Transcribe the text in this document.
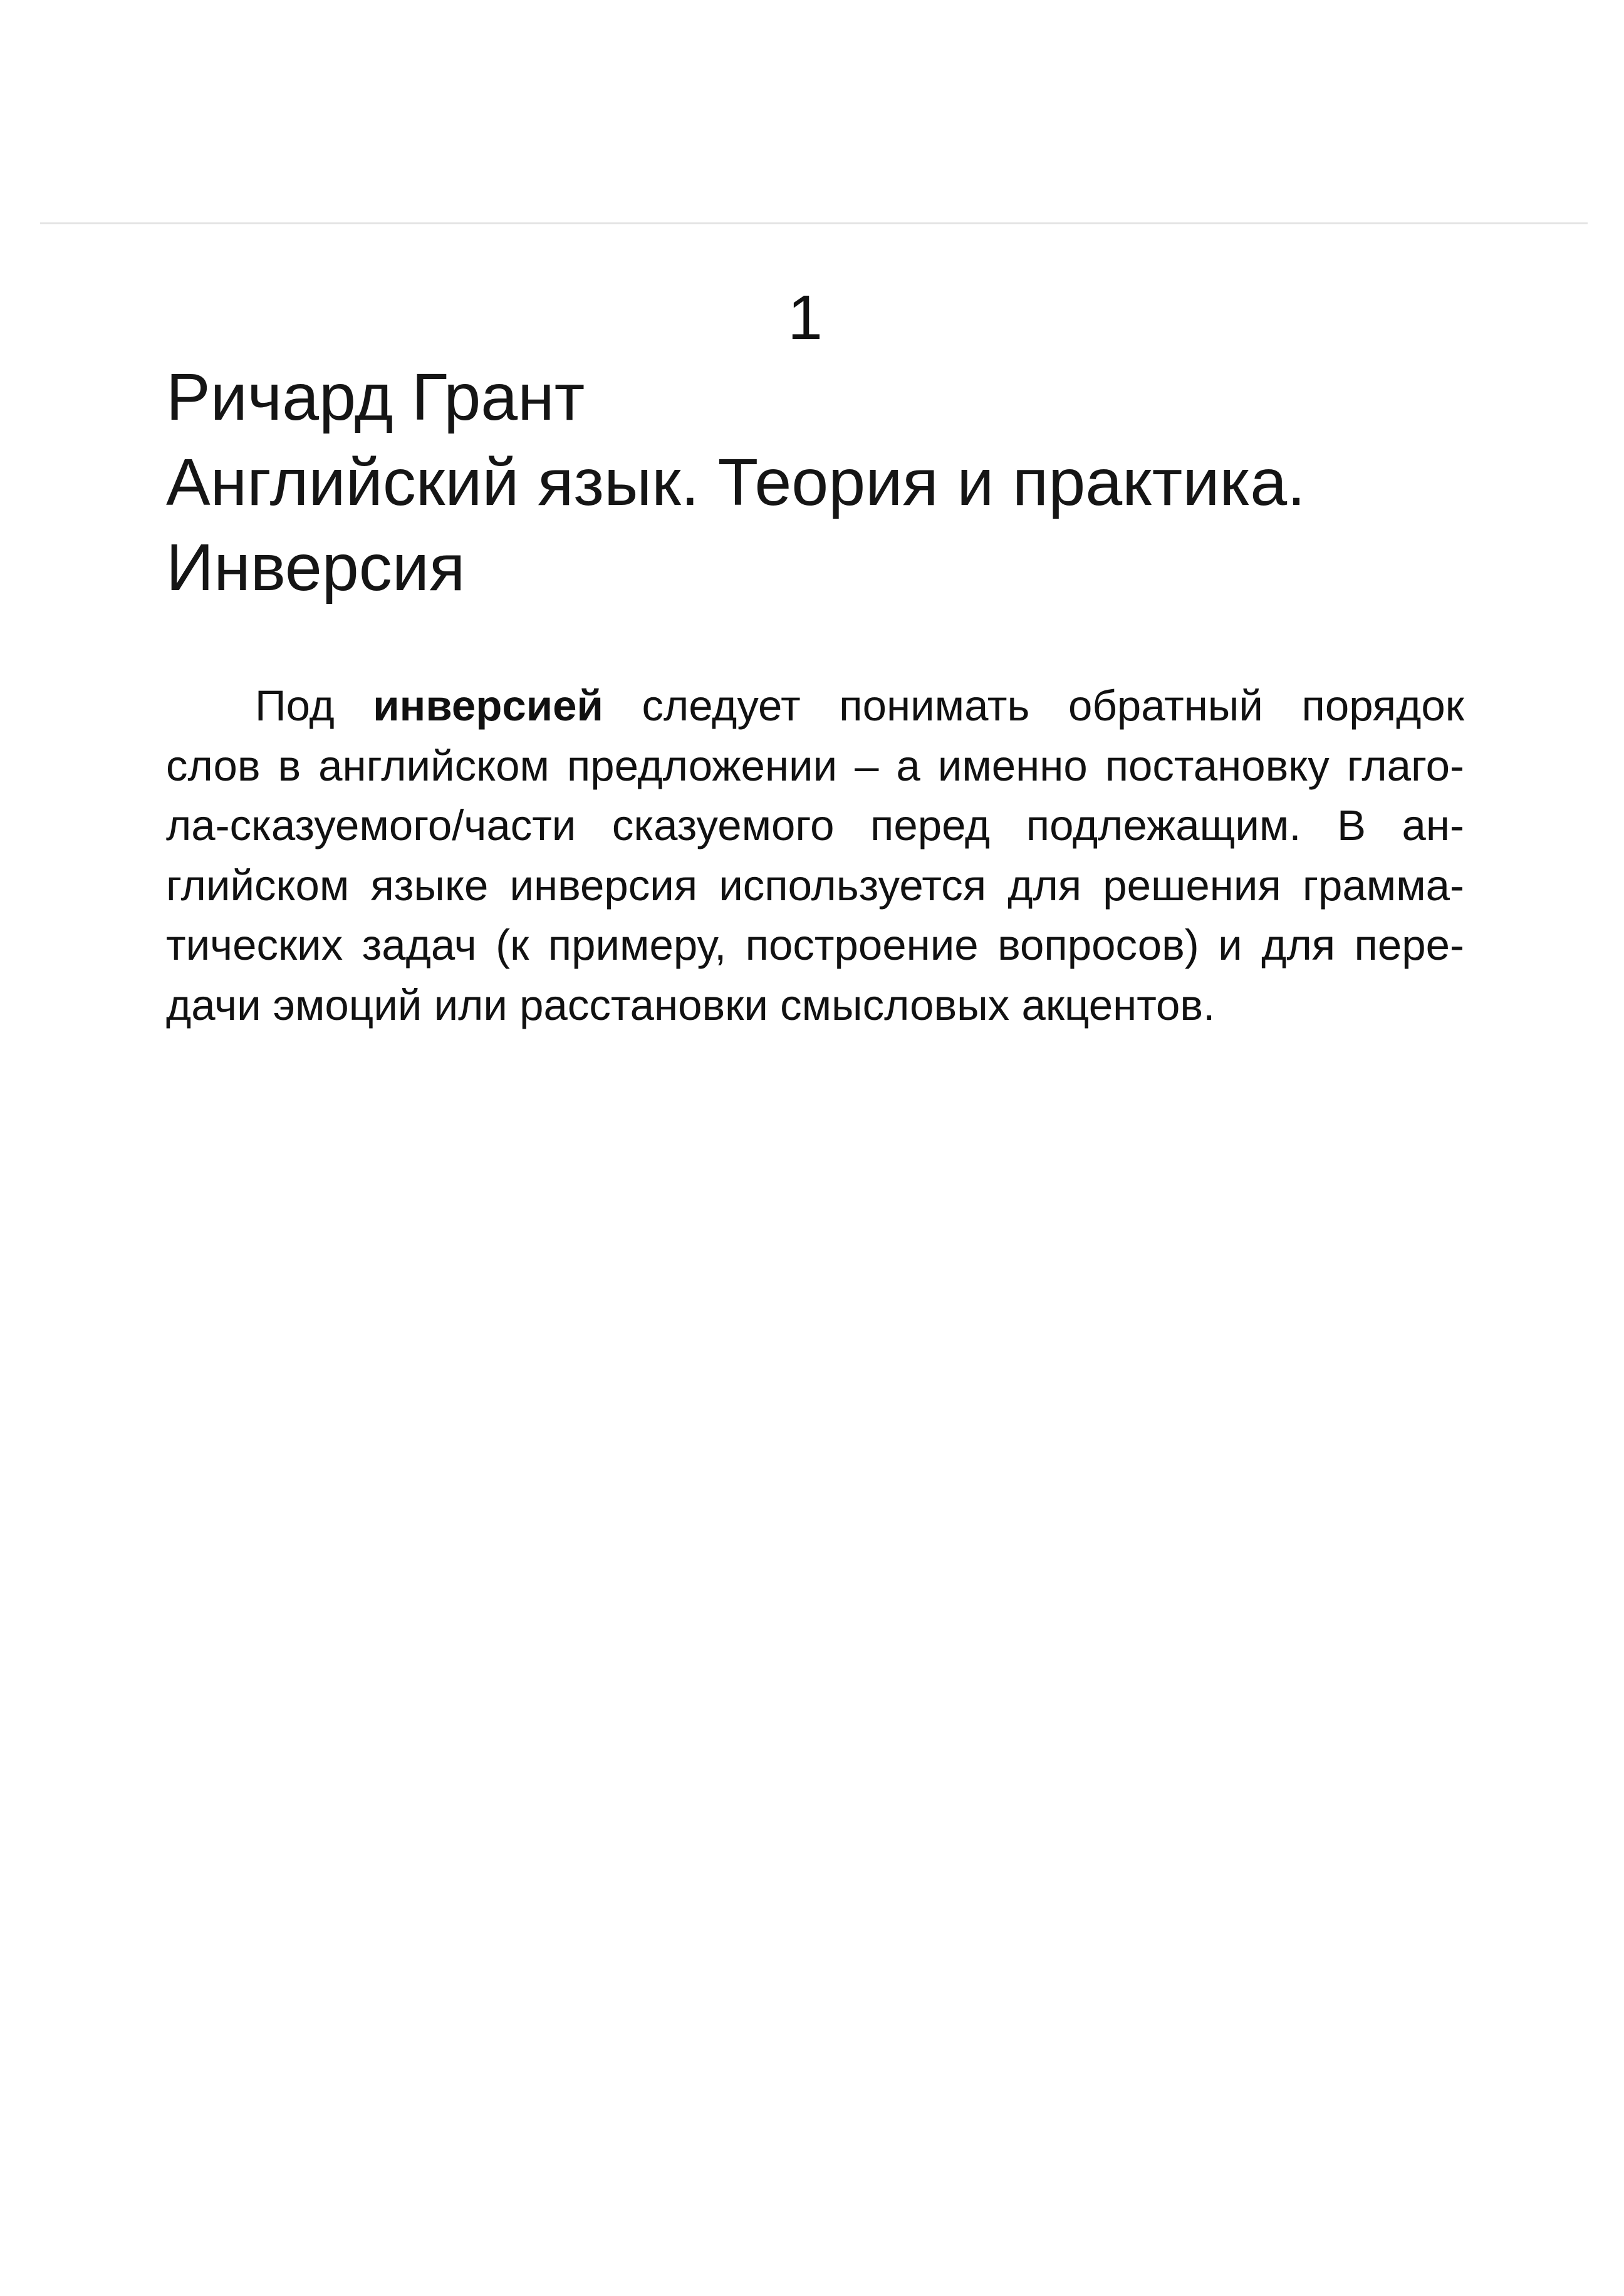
1
Ричард Грант
Английский язык. Теория и практика.
Инверсия

Под инверсией следует понимать обратный порядок
слов в английском предложении – а именно постановку глаго-
ла-сказуемого/части сказуемого перед подлежащим. В ан-
глийском языке инверсия используется для решения грамма-
тических задач (к примеру, построение вопросов) и для пере-
дачи эмоций или расстановки смысловых акцентов.
